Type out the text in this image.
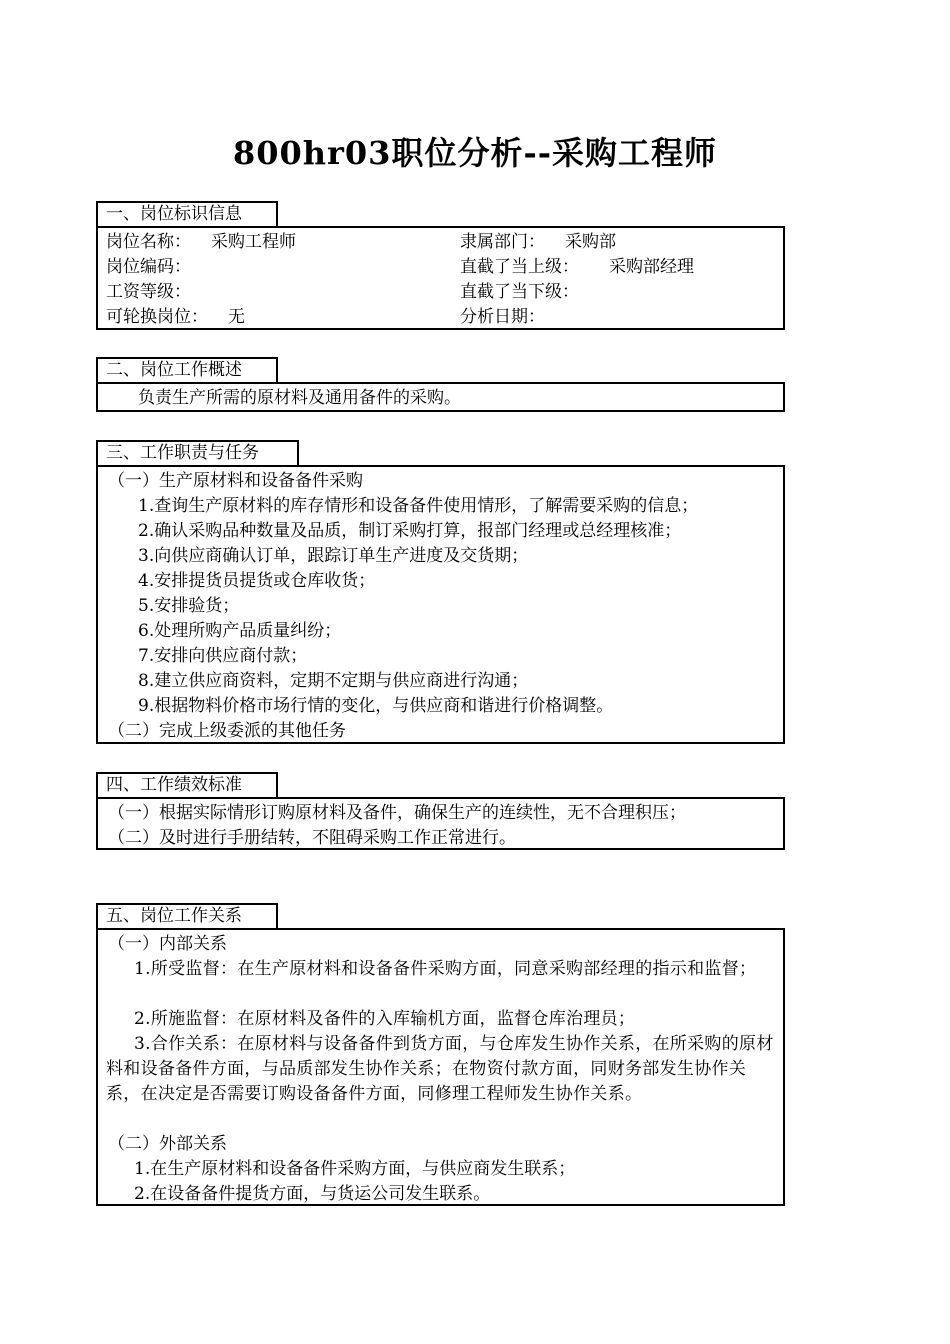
800hr03职位分析--采购工程师
一、岗位标识信息
岗位名称： 采购工程师	隶属部门： 采购部
岗位编码：	直截了当上级： 采购部经理
工资等级：	直截了当下级：
可轮换岗位： 无	分析日期：
二、岗位工作概述
负责生产所需的原材料及通用备件的采购。
三、工作职责与任务
（一）生产原材料和设备备件采购
1.查询生产原材料的库存情形和设备备件使用情形，了解需要采购的信息；
2.确认采购品种数量及品质，制订采购打算，报部门经理或总经理核准；
3.向供应商确认订单，跟踪订单生产进度及交货期；
4.安排提货员提货或仓库收货；
5.安排验货；
6.处理所购产品质量纠纷；
7.安排向供应商付款；
8.建立供应商资料，定期不定期与供应商进行沟通；
9.根据物料价格市场行情的变化，与供应商和谐进行价格调整。
（二）完成上级委派的其他任务
四、工作绩效标准
（一）根据实际情形订购原材料及备件，确保生产的连续性，无不合理积压；
（二）及时进行手册结转，不阻碍采购工作正常进行。
五、岗位工作关系
（一）内部关系
1.所受监督：在生产原材料和设备备件采购方面，同意采购部经理的指示和监督；
2.所施监督：在原材料及备件的入库输机方面，监督仓库治理员；
3.合作关系：在原材料与设备备件到货方面，与仓库发生协作关系，在所采购的原材料和设备备件方面，与品质部发生协作关系；在物资付款方面，同财务部发生协作关系，在决定是否需要订购设备备件方面，同修理工程师发生协作关系。
（二）外部关系
1.在生产原材料和设备备件采购方面，与供应商发生联系；
2.在设备备件提货方面，与货运公司发生联系。
